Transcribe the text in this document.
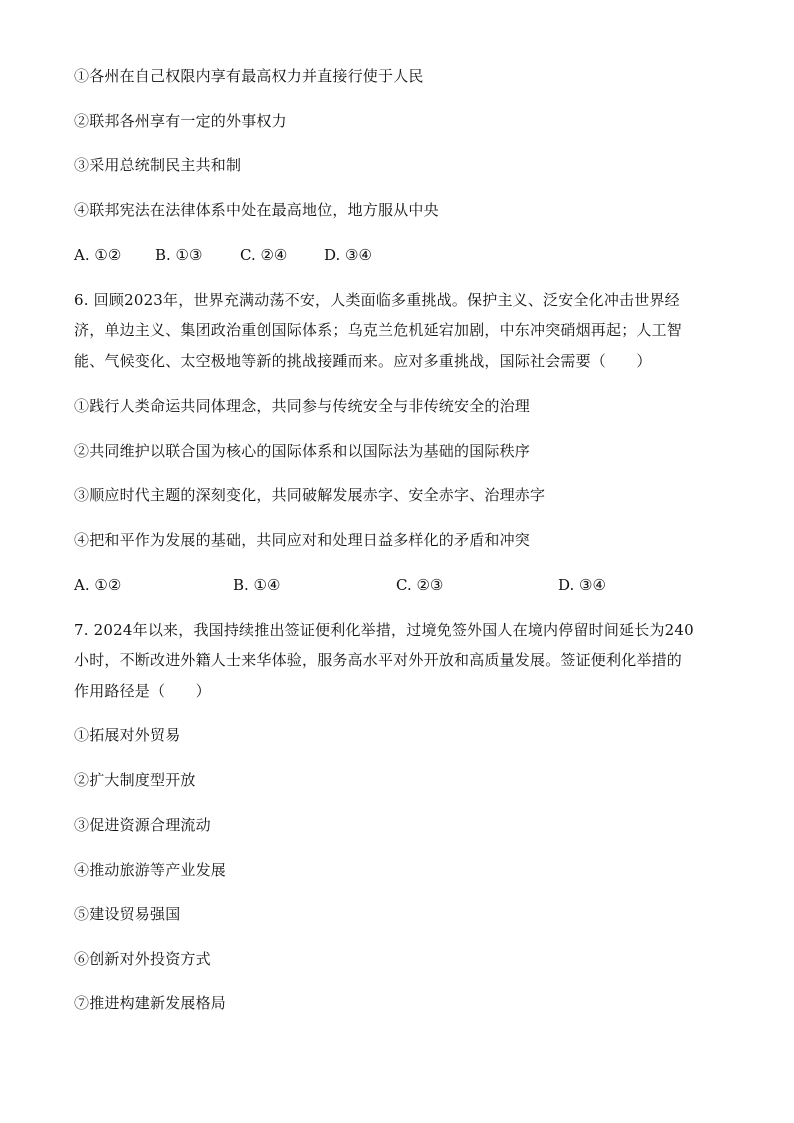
①各州在自己权限内享有最高权力并直接行使于人民
②联邦各州享有一定的外事权力
③采用总统制民主共和制
④联邦宪法在法律体系中处在最高地位，地方服从中央
A. ①② B. ①③	C. ②④ D. ③④
6. 回顾2023年，世界充满动荡不安，人类面临多重挑战。保护主义、泛安全化冲击世界经
济，单边主义、集团政治重创国际体系；乌克兰危机延宕加剧，中东冲突硝烟再起；人工智
能、气候变化、太空极地等新的挑战接踵而来。应对多重挑战，国际社会需要（　　）
①践行人类命运共同体理念，共同参与传统安全与非传统安全的治理
②共同维护以联合国为核心的国际体系和以国际法为基础的国际秩序
③顺应时代主题的深刻变化，共同破解发展赤字、安全赤字、治理赤字
④把和平作为发展的基础，共同应对和处理日益多样化的矛盾和冲突
A. ①②	B. ①④	C. ②③	D. ③④
7. 2024年以来，我国持续推出签证便利化举措，过境免签外国人在境内停留时间延长为240
小时，不断改进外籍人士来华体验，服务高水平对外开放和高质量发展。签证便利化举措的
作用路径是（　　）
①拓展对外贸易
②扩大制度型开放
③促进资源合理流动
④推动旅游等产业发展
⑤建设贸易强国
⑥创新对外投资方式
⑦推进构建新发展格局
